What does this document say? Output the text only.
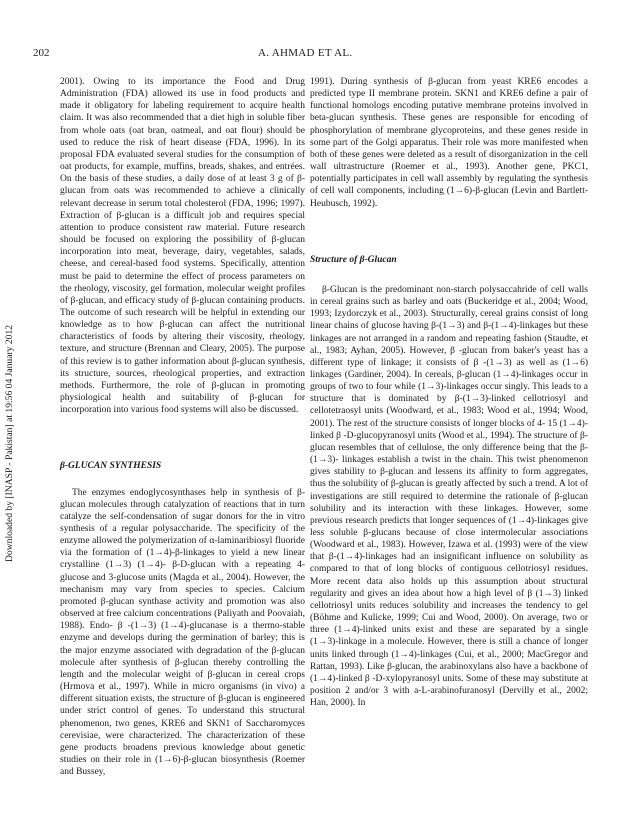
202	A. AHMAD ET AL.
Downloaded by [INASP - Pakistan] at 19:56 04 January 2012

2001). Owing to its importance the Food and Drug Administration (FDA) allowed its use in food products and made it obligatory for labeling requirement to acquire health claim. It was also recommended that a diet high in soluble fiber from whole oats (oat bran, oatmeal, and oat flour) should be used to reduce the risk of heart disease (FDA, 1996). In its proposal FDA evaluated several studies for the consumption of oat products, for example, muffins, breads, shakes, and entrées. On the basis of these studies, a daily dose of at least 3 g of β-glucan from oats was recommended to achieve a clinically relevant decrease in serum total cholesterol (FDA, 1996; 1997). Extraction of β-glucan is a difficult job and requires special attention to produce consistent raw material. Future research should be focused on exploring the possibility of β-glucan incorporation into meat, beverage, dairy, vegetables, salads, cheese, and cereal-based food systems. Specifically, attention must be paid to determine the effect of process parameters on the rheology, viscosity, gel formation, molecular weight profiles of β-glucan, and efficacy study of β-glucan containing products. The outcome of such research will be helpful in extending our knowledge as to how β-glucan can affect the nutritional characteristics of foods by altering their viscosity, rheology, texture, and structure (Brennan and Cleary, 2005). The purpose of this review is to gather information about β-glucan synthesis, its structure, sources, rheological properties, and extraction methods. Furthermore, the role of β-glucan in promoting physiological health and suitability of β-glucan for incorporation into various food systems will also be discussed.

β-GLUCAN SYNTHESIS

The enzymes endoglycosynthases help in synthesis of β-glucan molecules through catalyzation of reactions that in turn catalyze the self-condensation of sugar donors for the in vitro synthesis of a regular polysaccharide. The specificity of the enzyme allowed the polymerization of α-laminaribiosyl fluoride via the formation of (1→4)-β-linkages to yield a new linear crystalline (1→3) (1→4)- β-D-glucan with a repeating 4-glucose and 3-glucose units (Magda et al., 2004). However, the mechanism may vary from species to species. Calcium promoted β-glucan synthase activity and promotion was also observed at free calcium concentrations (Paliyath and Poovaiah, 1988). Endo- β -(1→3) (1→4)-glucanase is a thermo-stable enzyme and develops during the germination of barley; this is the major enzyme associated with degradation of the β-glucan molecule after synthesis of β-glucan thereby controlling the length and the molecular weight of β-glucan in cereal crops (Hrmova et al., 1997). While in micro organisms (in vivo) a different situation exists, the structure of β-glucan is engineered under strict control of genes. To understand this structural phenomenon, two genes, KRE6 and SKN1 of Saccharomyces cerevisiae, were characterized. The characterization of these gene products broadens previous knowledge about genetic studies on their role in (1→6)-β-glucan biosynthesis (Roemer and Bussey,

1991). During synthesis of β-glucan from yeast KRE6 encodes a predicted type II membrane protein. SKN1 and KRE6 define a pair of functional homologs encoding putative membrane proteins involved in beta-glucan synthesis. These genes are responsible for encoding of phosphorylation of membrane glycoproteins, and these genes reside in some part of the Golgi apparatus. Their role was more manifested when both of these genes were deleted as a result of disorganization in the cell wall ultrastructure (Roemer et al., 1993). Another gene, PKC1, potentially participates in cell wall assembly by regulating the synthesis of cell wall components, including (1→6)-β-glucan (Levin and Bartlett-Heubusch, 1992).

Structure of β-Glucan

β-Glucan is the predominant non-starch polysaccahride of cell walls in cereal grains such as barley and oats (Buckeridge et al., 2004; Wood, 1993; Izydorczyk et al., 2003). Structurally, cereal grains consist of long linear chains of glucose having β-(1→3) and β-(1→4)-linkages but these linkages are not arranged in a random and repeating fashion (Staudte, et al., 1983; Ayhan, 2005). However, β -glucan from baker's yeast has a different type of linkage; it consists of β -(1→3) as well as (1→6) linkages (Gardiner, 2004). In cereals, β-glucan (1→4)-linkages occur in groups of two to four while (1→3)-linkages occur singly. This leads to a structure that is dominated by β-(1→3)-linked cellotriosyl and cellotetraosyl units (Woodward, et al., 1983; Wood et al., 1994; Wood, 2001). The rest of the structure consists of longer blocks of 4- 15 (1→4)-linked β -D-glucopyranosyl units (Wood et al., 1994). The structure of β-glucan resembles that of cellulose, the only difference being that the β-(1→3)- linkages establish a twist in the chain. This twist phenomenon gives stability to β-glucan and lessens its affinity to form aggregates, thus the solubility of β-glucan is greatly affected by such a trend. A lot of investigations are still required to determine the rationale of β-glucan solubility and its interaction with these linkages. However, some previous research predicts that longer sequences of (1→4)-linkages give less soluble β-glucans because of close intermolecular associations (Woodward et al., 1983). However, Izawa et al. (1993) were of the view that β-(1→4)-linkages had an insignificant influence on solubility as compared to that of long blocks of contiguous cellotriosyl residues. More recent data also holds up this assumption about structural regularity and gives an idea about how a high level of β (1→3) linked cellotriosyl units reduces solubility and increases the tendency to gel (Böhme and Kulicke, 1999; Cui and Wood, 2000). On average, two or three (1→4)-linked units exist and these are separated by a single (1→3)-linkage in a molecule. However, there is still a chance of longer units linked through (1→4)-linkages (Cui, et al., 2000; MacGregor and Rattan, 1993). Like β-glucan, the arabinoxylans also have a backbone of (1→4)-linked β -D-xylopyranosyl units. Some of these may substitute at position 2 and/or 3 with a-L-arabinofuranosyl (Dervilly et al., 2002; Han, 2000). In
